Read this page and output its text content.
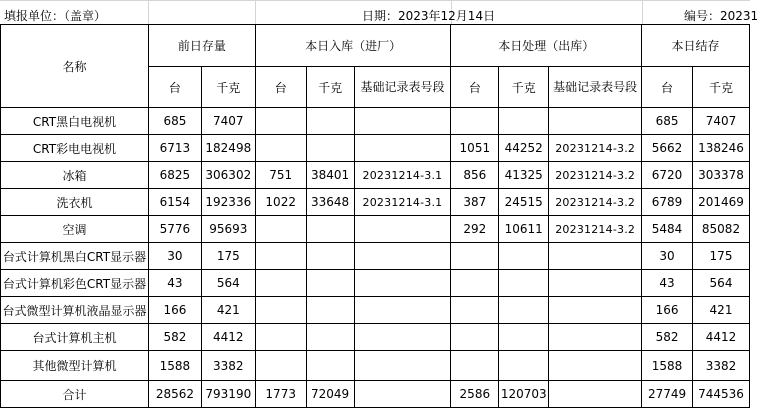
填报单位：（盖章）	日期：2023年12月14日	编号：20231
名称	前日存量		本日入库（进厂）			本日处理（出库）			本日结存	
	台	千克	台	千克	基础记录表号段	台	千克	基础记录表号段	台	千克
CRT黑白电视机	685	7407							685	7407
CRT彩电电视机	6713	182498				1051	44252	20231214-3.2	5662	138246
冰箱	6825	306302	751	38401	20231214-3.1	856	41325	20231214-3.2	6720	303378
洗衣机	6154	192336	1022	33648	20231214-3.1	387	24515	20231214-3.2	6789	201469
空调	5776	95693				292	10611	20231214-3.2	5484	85082
台式计算机黑白CRT显示器	30	175							30	175
台式计算机彩色CRT显示器	43	564							43	564
台式微型计算机液晶显示器	166	421							166	421
台式计算机主机	582	4412							582	4412
其他微型计算机	1588	3382							1588	3382
合计	28562	793190	1773	72049		2586	120703		27749	744536
